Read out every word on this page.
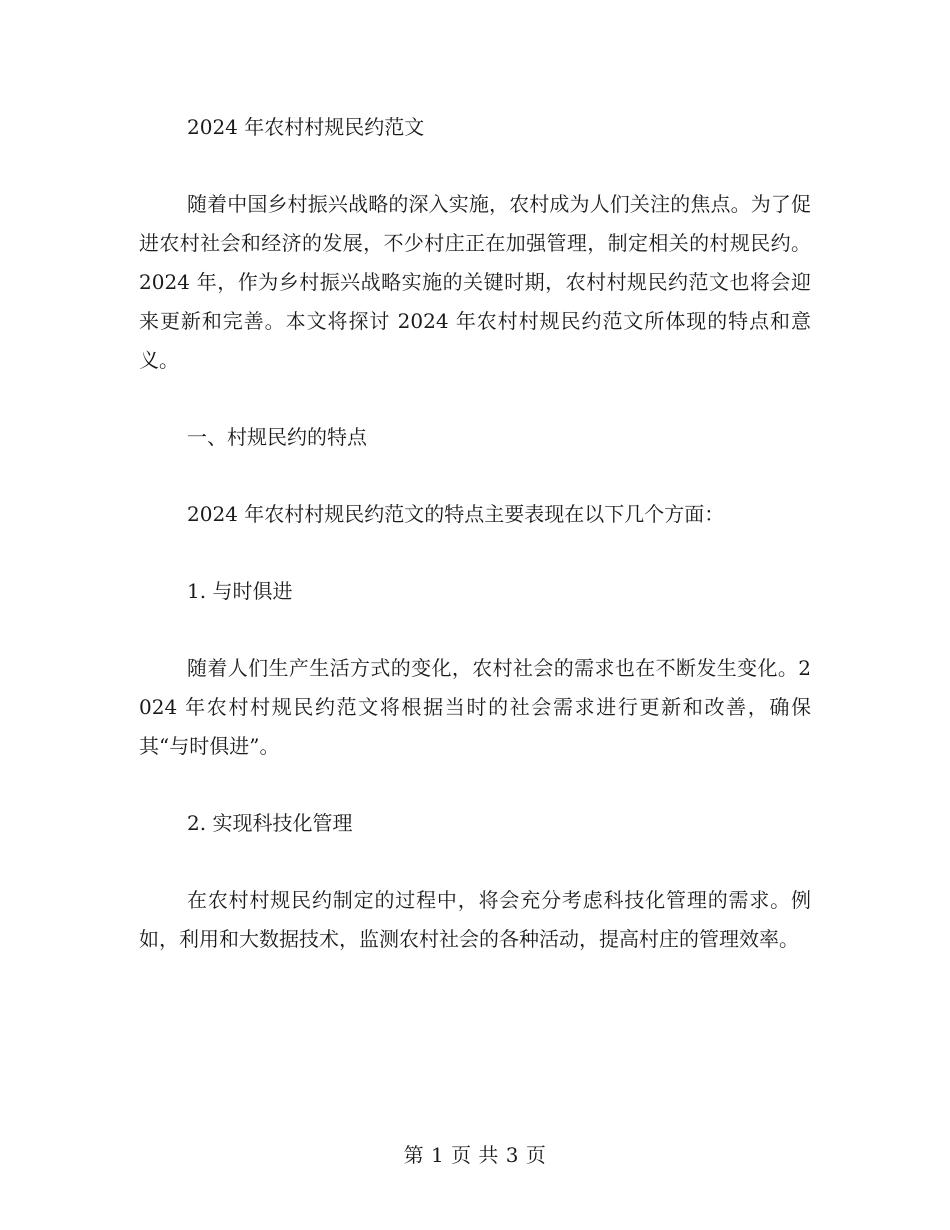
2024 年农村村规民约范文

随着中国乡村振兴战略的深入实施，农村成为人们关注的焦点。为了促进农村社会和经济的发展，不少村庄正在加强管理，制定相关的村规民约。2024 年，作为乡村振兴战略实施的关键时期，农村村规民约范文也将会迎来更新和完善。本文将探讨 2024 年农村村规民约范文所体现的特点和意义。

一、村规民约的特点

2024 年农村村规民约范文的特点主要表现在以下几个方面：

1. 与时俱进

随着人们生产生活方式的变化，农村社会的需求也在不断发生变化。2024 年农村村规民约范文将根据当时的社会需求进行更新和改善，确保其“与时俱进”。

2. 实现科技化管理

在农村村规民约制定的过程中，将会充分考虑科技化管理的需求。例如，利用和大数据技术，监测农村社会的各种活动，提高村庄的管理效率。

第 1 页 共 3 页
